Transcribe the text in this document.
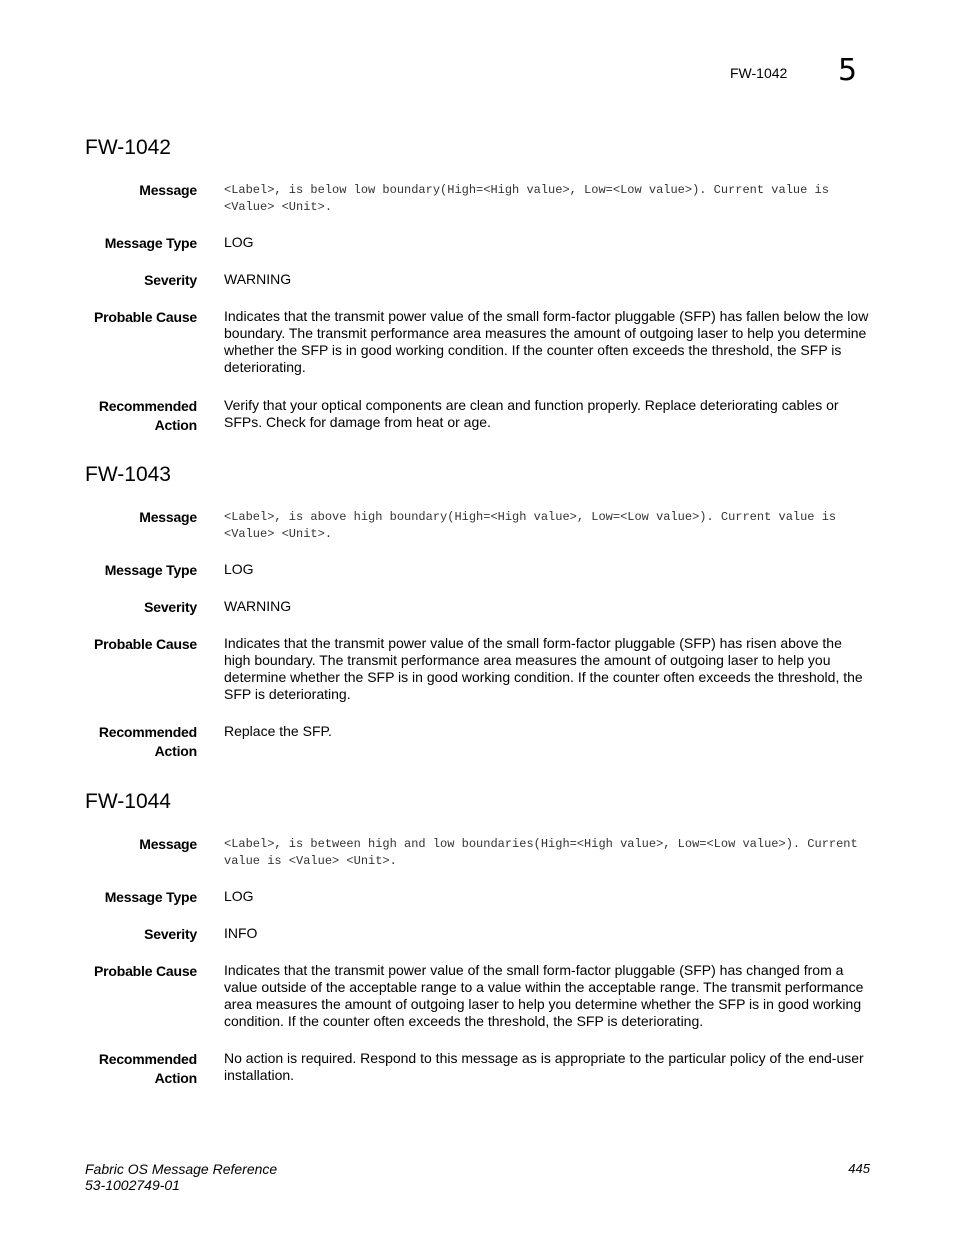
FW-1042 5
FW-1042
Message <Label>, is below low boundary(High=<High value>, Low=<Low value>). Current value is <Value> <Unit>.
Message Type LOG
Severity WARNING
Probable Cause Indicates that the transmit power value of the small form-factor pluggable (SFP) has fallen below the low boundary. The transmit performance area measures the amount of outgoing laser to help you determine whether the SFP is in good working condition. If the counter often exceeds the threshold, the SFP is deteriorating.
Recommended
Action
Verify that your optical components are clean and function properly. Replace deteriorating cables or SFPs. Check for damage from heat or age.
FW-1043
Message <Label>, is above high boundary(High=<High value>, Low=<Low value>). Current value is <Value> <Unit>.
Message Type LOG
Severity WARNING
Probable Cause Indicates that the transmit power value of the small form-factor pluggable (SFP) has risen above the high boundary. The transmit performance area measures the amount of outgoing laser to help you determine whether the SFP is in good working condition. If the counter often exceeds the threshold, the SFP is deteriorating.
Recommended
Action
Replace the SFP.
FW-1044
Message <Label>, is between high and low boundaries(High=<High value>, Low=<Low value>). Current value is <Value> <Unit>.
Message Type LOG
Severity INFO
Probable Cause Indicates that the transmit power value of the small form-factor pluggable (SFP) has changed from a value outside of the acceptable range to a value within the acceptable range. The transmit performance area measures the amount of outgoing laser to help you determine whether the SFP is in good working condition. If the counter often exceeds the threshold, the SFP is deteriorating.
Recommended
Action
No action is required. Respond to this message as is appropriate to the particular policy of the end-user installation.
Fabric OS Message Reference
53-1002749-01
445
